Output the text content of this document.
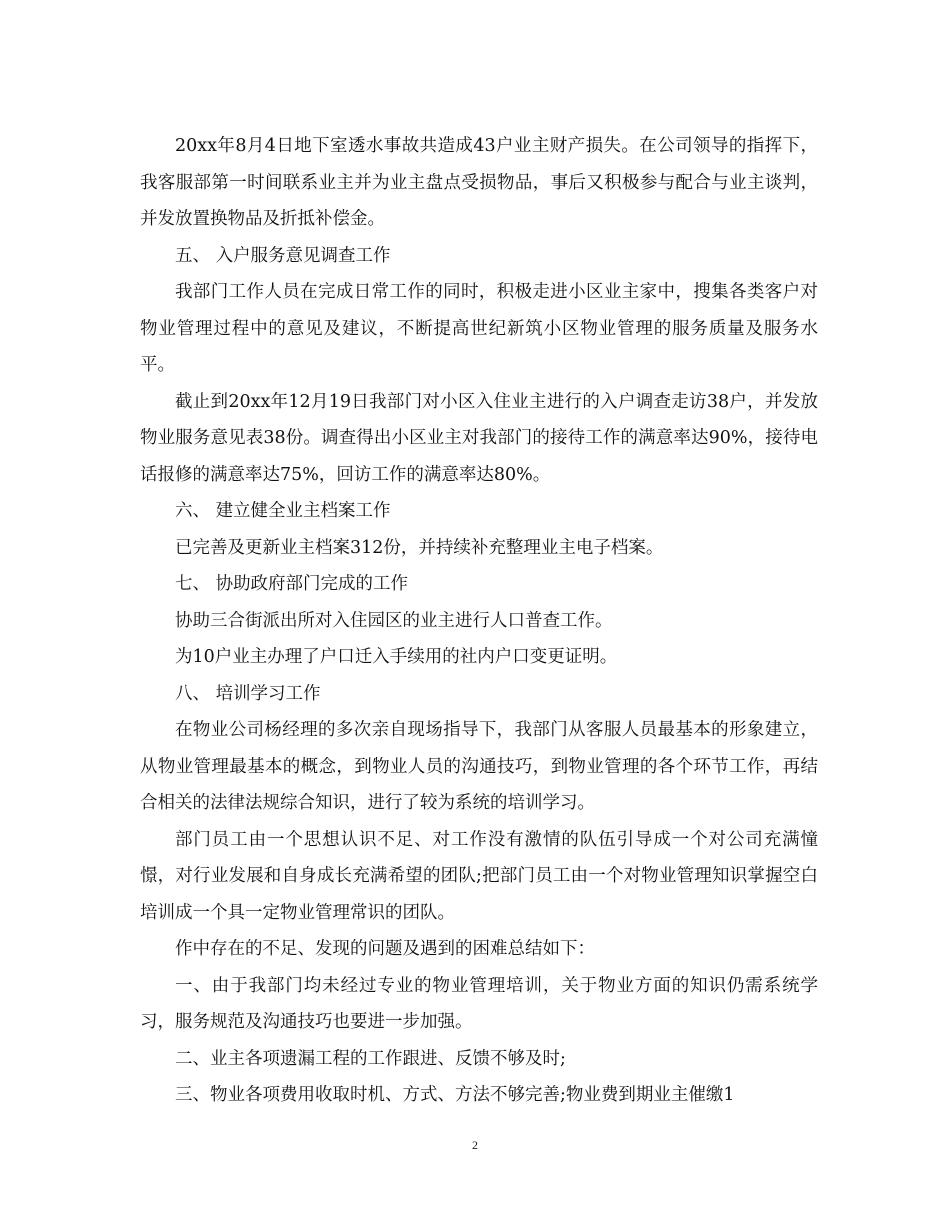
20xx年8月4日地下室透水事故共造成43户业主财产损失。在公司领导的指挥下，我客服部第一时间联系业主并为业主盘点受损物品，事后又积极参与配合与业主谈判，并发放置换物品及折抵补偿金。

五、 入户服务意见调查工作

我部门工作人员在完成日常工作的同时，积极走进小区业主家中，搜集各类客户对物业管理过程中的意见及建议，不断提高世纪新筑小区物业管理的服务质量及服务水平。

截止到20xx年12月19日我部门对小区入住业主进行的入户调查走访38户，并发放物业服务意见表38份。调查得出小区业主对我部门的接待工作的满意率达90%，接待电话报修的满意率达75%，回访工作的满意率达80%。

六、 建立健全业主档案工作

已完善及更新业主档案312份，并持续补充整理业主电子档案。

七、 协助政府部门完成的工作

协助三合街派出所对入住园区的业主进行人口普查工作。

为10户业主办理了户口迁入手续用的社内户口变更证明。

八、 培训学习工作

在物业公司杨经理的多次亲自现场指导下，我部门从客服人员最基本的形象建立，从物业管理最基本的概念，到物业人员的沟通技巧，到物业管理的各个环节工作，再结合相关的法律法规综合知识，进行了较为系统的培训学习。

部门员工由一个思想认识不足、对工作没有激情的队伍引导成一个对公司充满憧憬，对行业发展和自身成长充满希望的团队;把部门员工由一个对物业管理知识掌握空白培训成一个具一定物业管理常识的团队。

作中存在的不足、发现的问题及遇到的困难总结如下：

一、由于我部门均未经过专业的物业管理培训，关于物业方面的知识仍需系统学习，服务规范及沟通技巧也要进一步加强。

二、业主各项遗漏工程的工作跟进、反馈不够及时;

三、物业各项费用收取时机、方式、方法不够完善;物业费到期业主催缴1

2
